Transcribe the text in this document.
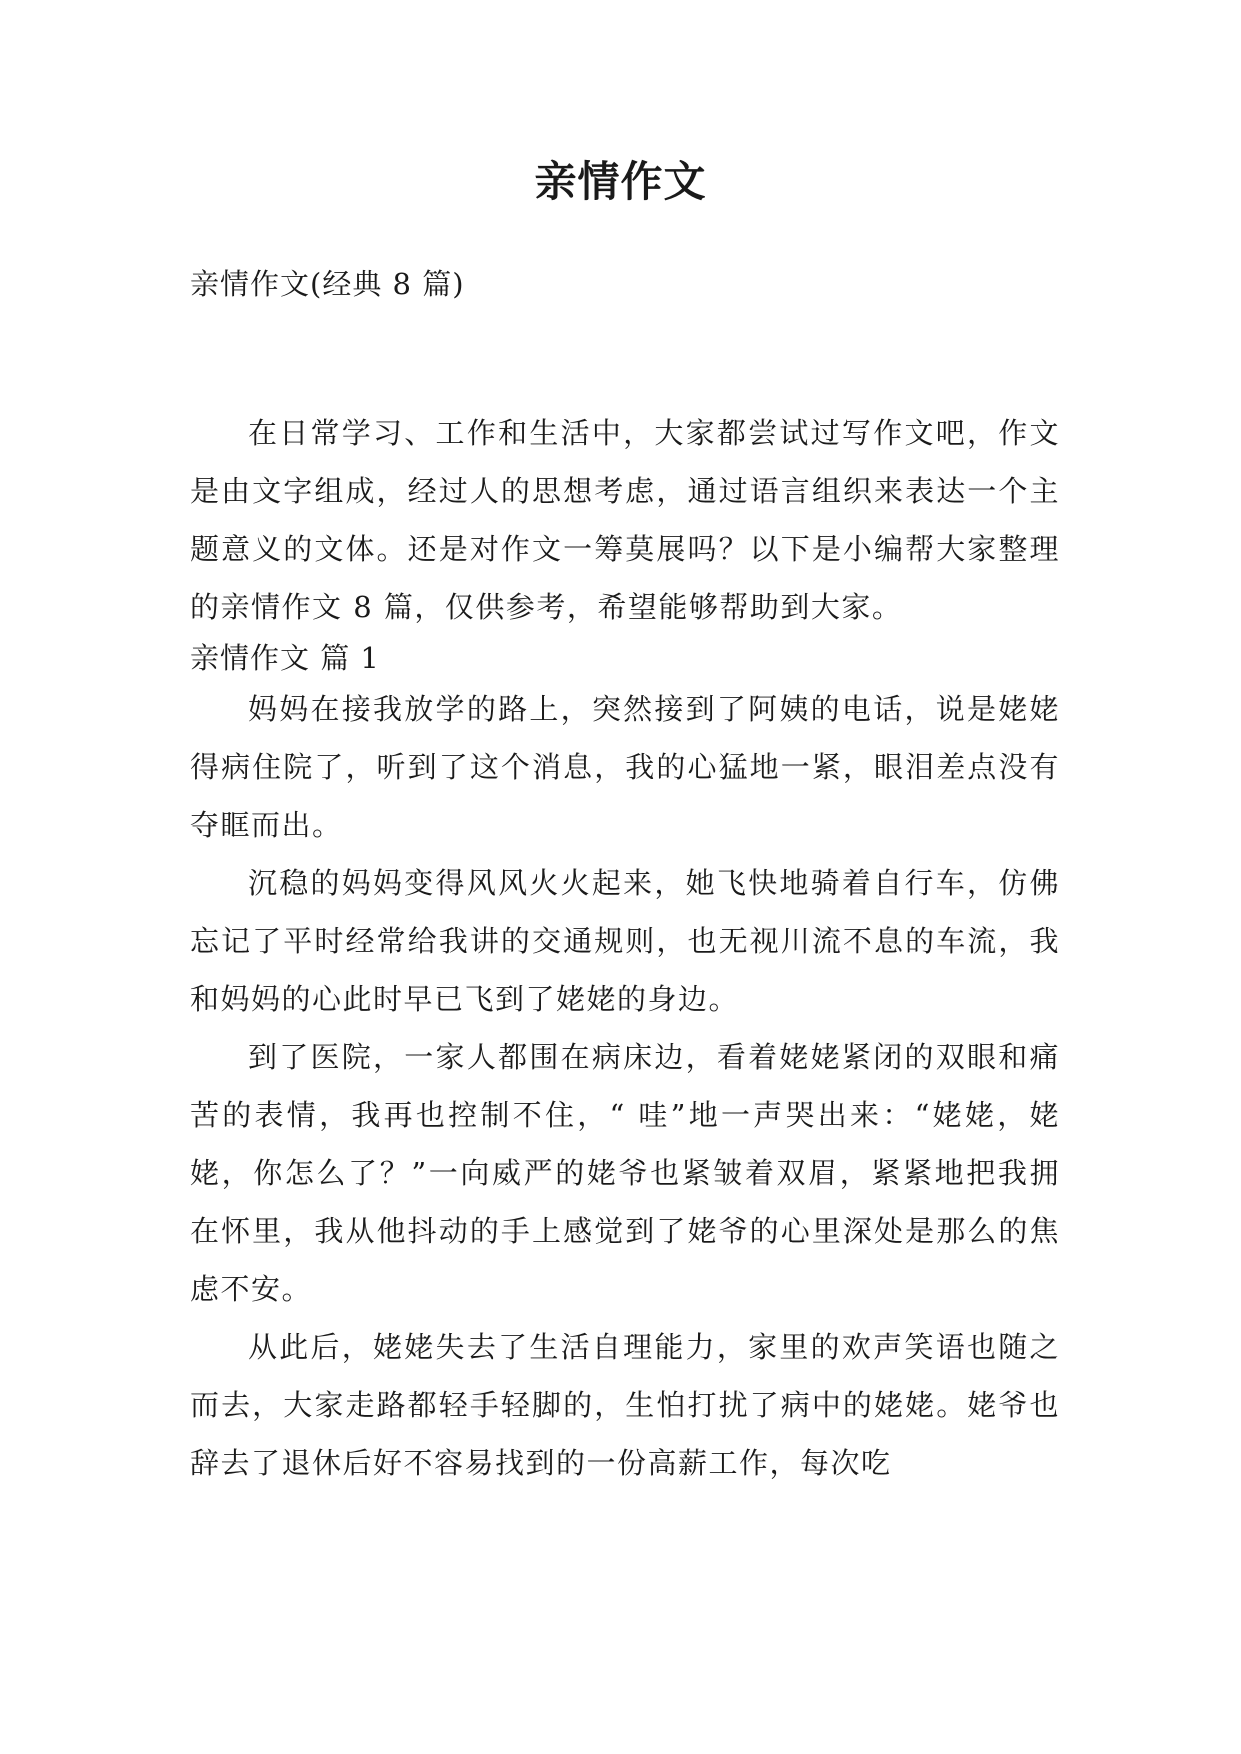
亲情作文

亲情作文(经典 8 篇)

在日常学习、工作和生活中，大家都尝试过写作文吧，作文是由文字组成，经过人的思想考虑，通过语言组织来表达一个主题意义的文体。还是对作文一筹莫展吗？以下是小编帮大家整理的亲情作文 8 篇，仅供参考，希望能够帮助到大家。

亲情作文 篇 1

妈妈在接我放学的路上，突然接到了阿姨的电话，说是姥姥得病住院了，听到了这个消息，我的心猛地一紧，眼泪差点没有夺眶而出。

沉稳的妈妈变得风风火火起来，她飞快地骑着自行车，仿佛忘记了平时经常给我讲的交通规则，也无视川流不息的车流，我和妈妈的心此时早已飞到了姥姥的身边。

到了医院，一家人都围在病床边，看着姥姥紧闭的双眼和痛苦的表情，我再也控制不住，“ 哇”地一声哭出来：“姥姥，姥姥，你怎么了？”一向威严的姥爷也紧皱着双眉，紧紧地把我拥在怀里，我从他抖动的手上感觉到了姥爷的心里深处是那么的焦虑不安。

从此后，姥姥失去了生活自理能力，家里的欢声笑语也随之而去，大家走路都轻手轻脚的，生怕打扰了病中的姥姥。姥爷也辞去了退休后好不容易找到的一份高薪工作，每次吃
